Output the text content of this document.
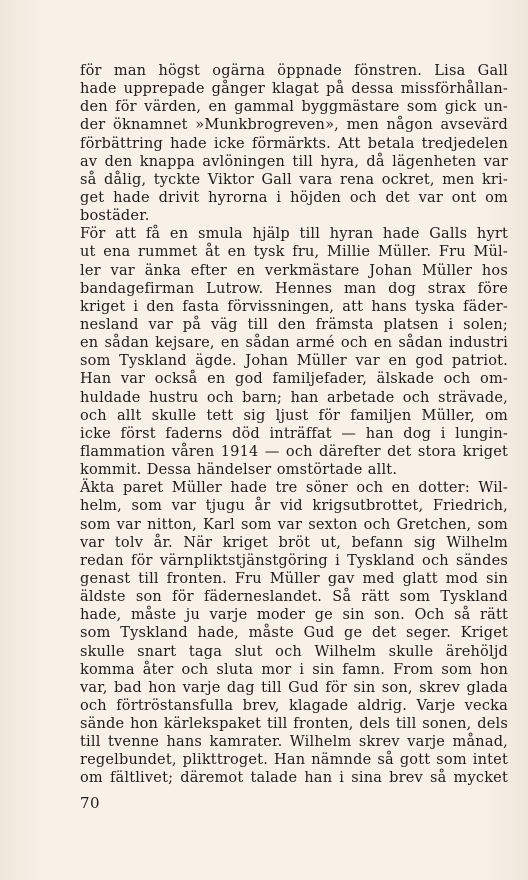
för man högst ogärna öppnade fönstren. Lisa Gall
hade upprepade gånger klagat på dessa missförhållan-
den för värden, en gammal byggmästare som gick un-
der öknamnet »Munkbrogreven», men någon avsevärd
förbättring hade icke förmärkts. Att betala tredjedelen
av den knappa avlöningen till hyra, då lägenheten var
så dålig, tyckte Viktor Gall vara rena ockret, men kri-
get hade drivit hyrorna i höjden och det var ont om
bostäder.
För att få en smula hjälp till hyran hade Galls hyrt
ut ena rummet åt en tysk fru, Millie Müller. Fru Mül-
ler var änka efter en verkmästare Johan Müller hos
bandagefirman Lutrow. Hennes man dog strax före
kriget i den fasta förvissningen, att hans tyska fäder-
nesland var på väg till den främsta platsen i solen;
en sådan kejsare, en sådan armé och en sådan industri
som Tyskland ägde. Johan Müller var en god patriot.
Han var också en god familjefader, älskade och om-
huldade hustru och barn; han arbetade och strävade,
och allt skulle tett sig ljust för familjen Müller, om
icke först faderns död inträffat — han dog i lungin-
flammation våren 1914 — och därefter det stora kriget
kommit. Dessa händelser omstörtade allt.
Äkta paret Müller hade tre söner och en dotter: Wil-
helm, som var tjugu år vid krigsutbrottet, Friedrich,
som var nitton, Karl som var sexton och Gretchen, som
var tolv år. När kriget bröt ut, befann sig Wilhelm
redan för värnpliktstjänstgöring i Tyskland och sändes
genast till fronten. Fru Müller gav med glatt mod sin
äldste son för fäderneslandet. Så rätt som Tyskland
hade, måste ju varje moder ge sin son. Och så rätt
som Tyskland hade, måste Gud ge det seger. Kriget
skulle snart taga slut och Wilhelm skulle ärehöljd
komma åter och sluta mor i sin famn. From som hon
var, bad hon varje dag till Gud för sin son, skrev glada
och förtröstansfulla brev, klagade aldrig. Varje vecka
sände hon kärlekspaket till fronten, dels till sonen, dels
till tvenne hans kamrater. Wilhelm skrev varje månad,
regelbundet, plikttroget. Han nämnde så gott som intet
om fältlivet; däremot talade han i sina brev så mycket
70
